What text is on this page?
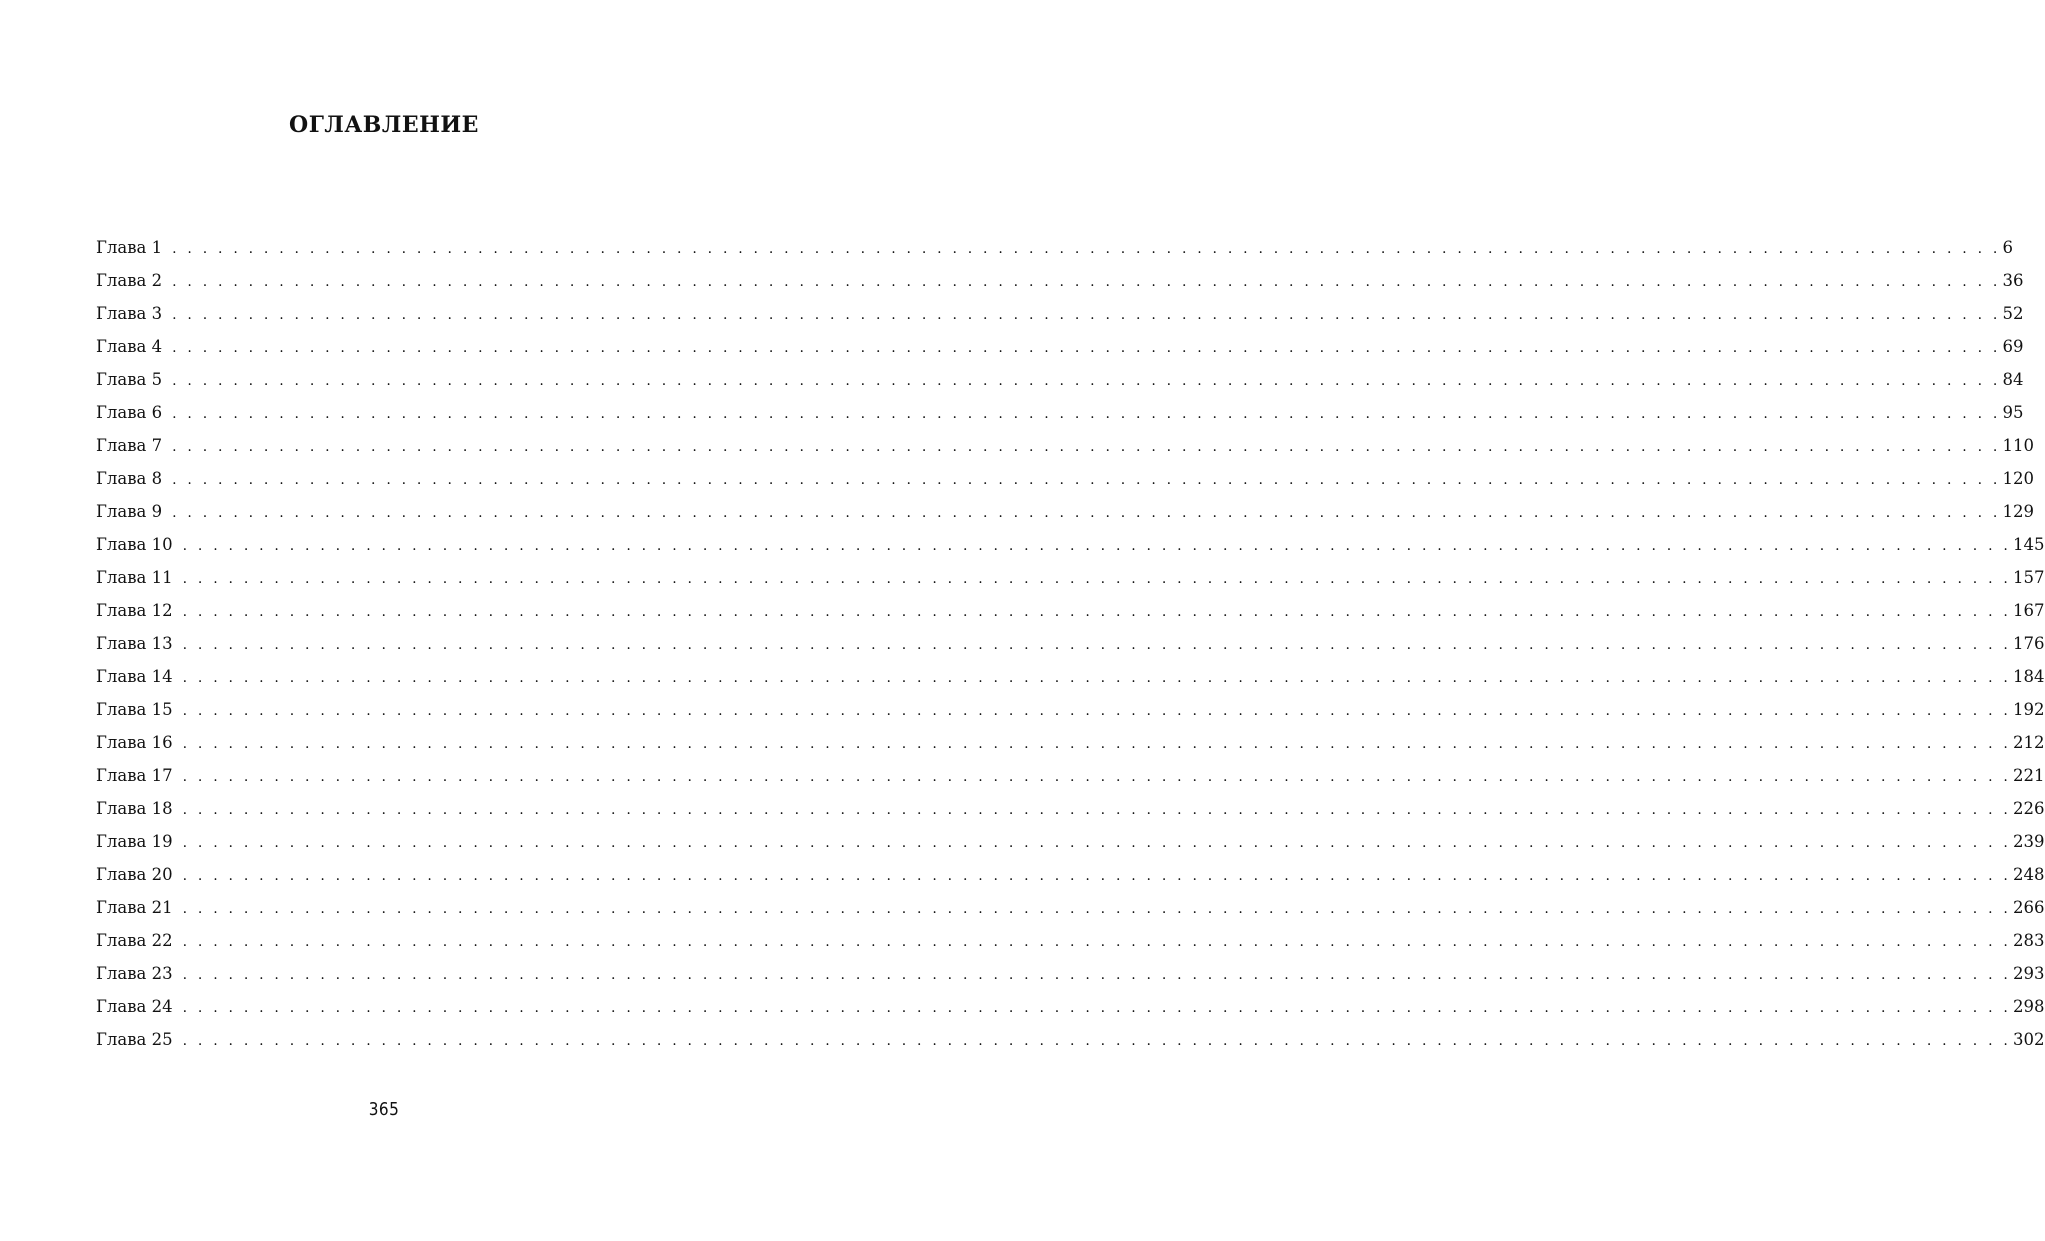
ОГЛАВЛЕНИЕ
Глава 1 . . . . . . . . . . . . . . . . . . . . . . . . . . . . . . . . . . . . . . . . . . . . . . . . . . . . . . . . . . . . . . . . . . . . . . . . . . . . . . . . . . . . . . . . . . . . . . . . . . . . . . . . . . . . . . . . . . . . . . . . 6
Глава 2 . . . . . . . . . . . . . . . . . . . . . . . . . . . . . . . . . . . . . . . . . . . . . . . . . . . . . . . . . . . . . . . . . . . . . . . . . . . . . . . . . . . . . . . . . . . . . . . . . . . . . . . . . . . . . . . . . . . . . . . . 36
Глава 3 . . . . . . . . . . . . . . . . . . . . . . . . . . . . . . . . . . . . . . . . . . . . . . . . . . . . . . . . . . . . . . . . . . . . . . . . . . . . . . . . . . . . . . . . . . . . . . . . . . . . . . . . . . . . . . . . . . . . . . . . 52
Глава 4 . . . . . . . . . . . . . . . . . . . . . . . . . . . . . . . . . . . . . . . . . . . . . . . . . . . . . . . . . . . . . . . . . . . . . . . . . . . . . . . . . . . . . . . . . . . . . . . . . . . . . . . . . . . . . . . . . . . . . . . . 69
Глава 5 . . . . . . . . . . . . . . . . . . . . . . . . . . . . . . . . . . . . . . . . . . . . . . . . . . . . . . . . . . . . . . . . . . . . . . . . . . . . . . . . . . . . . . . . . . . . . . . . . . . . . . . . . . . . . . . . . . . . . . . . 84
Глава 6 . . . . . . . . . . . . . . . . . . . . . . . . . . . . . . . . . . . . . . . . . . . . . . . . . . . . . . . . . . . . . . . . . . . . . . . . . . . . . . . . . . . . . . . . . . . . . . . . . . . . . . . . . . . . . . . . . . . . . . . . 95
Глава 7 . . . . . . . . . . . . . . . . . . . . . . . . . . . . . . . . . . . . . . . . . . . . . . . . . . . . . . . . . . . . . . . . . . . . . . . . . . . . . . . . . . . . . . . . . . . . . . . . . . . . . . . . . . . . . . . . . . . . . . . . 110
Глава 8 . . . . . . . . . . . . . . . . . . . . . . . . . . . . . . . . . . . . . . . . . . . . . . . . . . . . . . . . . . . . . . . . . . . . . . . . . . . . . . . . . . . . . . . . . . . . . . . . . . . . . . . . . . . . . . . . . . . . . . . . 120
Глава 9 . . . . . . . . . . . . . . . . . . . . . . . . . . . . . . . . . . . . . . . . . . . . . . . . . . . . . . . . . . . . . . . . . . . . . . . . . . . . . . . . . . . . . . . . . . . . . . . . . . . . . . . . . . . . . . . . . . . . . . . . 129
Глава 10 . . . . . . . . . . . . . . . . . . . . . . . . . . . . . . . . . . . . . . . . . . . . . . . . . . . . . . . . . . . . . . . . . . . . . . . . . . . . . . . . . . . . . . . . . . . . . . . . . . . . . . . . . . . . . . . . . . . . . . . . 145
Глава 11 . . . . . . . . . . . . . . . . . . . . . . . . . . . . . . . . . . . . . . . . . . . . . . . . . . . . . . . . . . . . . . . . . . . . . . . . . . . . . . . . . . . . . . . . . . . . . . . . . . . . . . . . . . . . . . . . . . . . . . . . 157
Глава 12 . . . . . . . . . . . . . . . . . . . . . . . . . . . . . . . . . . . . . . . . . . . . . . . . . . . . . . . . . . . . . . . . . . . . . . . . . . . . . . . . . . . . . . . . . . . . . . . . . . . . . . . . . . . . . . . . . . . . . . . . 167
Глава 13 . . . . . . . . . . . . . . . . . . . . . . . . . . . . . . . . . . . . . . . . . . . . . . . . . . . . . . . . . . . . . . . . . . . . . . . . . . . . . . . . . . . . . . . . . . . . . . . . . . . . . . . . . . . . . . . . . . . . . . . . 176
Глава 14 . . . . . . . . . . . . . . . . . . . . . . . . . . . . . . . . . . . . . . . . . . . . . . . . . . . . . . . . . . . . . . . . . . . . . . . . . . . . . . . . . . . . . . . . . . . . . . . . . . . . . . . . . . . . . . . . . . . . . . . . 184
Глава 15 . . . . . . . . . . . . . . . . . . . . . . . . . . . . . . . . . . . . . . . . . . . . . . . . . . . . . . . . . . . . . . . . . . . . . . . . . . . . . . . . . . . . . . . . . . . . . . . . . . . . . . . . . . . . . . . . . . . . . . . . 192
Глава 16 . . . . . . . . . . . . . . . . . . . . . . . . . . . . . . . . . . . . . . . . . . . . . . . . . . . . . . . . . . . . . . . . . . . . . . . . . . . . . . . . . . . . . . . . . . . . . . . . . . . . . . . . . . . . . . . . . . . . . . . . 212
Глава 17 . . . . . . . . . . . . . . . . . . . . . . . . . . . . . . . . . . . . . . . . . . . . . . . . . . . . . . . . . . . . . . . . . . . . . . . . . . . . . . . . . . . . . . . . . . . . . . . . . . . . . . . . . . . . . . . . . . . . . . . . 221
Глава 18 . . . . . . . . . . . . . . . . . . . . . . . . . . . . . . . . . . . . . . . . . . . . . . . . . . . . . . . . . . . . . . . . . . . . . . . . . . . . . . . . . . . . . . . . . . . . . . . . . . . . . . . . . . . . . . . . . . . . . . . . 226
Глава 19 . . . . . . . . . . . . . . . . . . . . . . . . . . . . . . . . . . . . . . . . . . . . . . . . . . . . . . . . . . . . . . . . . . . . . . . . . . . . . . . . . . . . . . . . . . . . . . . . . . . . . . . . . . . . . . . . . . . . . . . . 239
Глава 20 . . . . . . . . . . . . . . . . . . . . . . . . . . . . . . . . . . . . . . . . . . . . . . . . . . . . . . . . . . . . . . . . . . . . . . . . . . . . . . . . . . . . . . . . . . . . . . . . . . . . . . . . . . . . . . . . . . . . . . . . 248
Глава 21 . . . . . . . . . . . . . . . . . . . . . . . . . . . . . . . . . . . . . . . . . . . . . . . . . . . . . . . . . . . . . . . . . . . . . . . . . . . . . . . . . . . . . . . . . . . . . . . . . . . . . . . . . . . . . . . . . . . . . . . . 266
Глава 22 . . . . . . . . . . . . . . . . . . . . . . . . . . . . . . . . . . . . . . . . . . . . . . . . . . . . . . . . . . . . . . . . . . . . . . . . . . . . . . . . . . . . . . . . . . . . . . . . . . . . . . . . . . . . . . . . . . . . . . . . 283
Глава 23 . . . . . . . . . . . . . . . . . . . . . . . . . . . . . . . . . . . . . . . . . . . . . . . . . . . . . . . . . . . . . . . . . . . . . . . . . . . . . . . . . . . . . . . . . . . . . . . . . . . . . . . . . . . . . . . . . . . . . . . . 293
Глава 24 . . . . . . . . . . . . . . . . . . . . . . . . . . . . . . . . . . . . . . . . . . . . . . . . . . . . . . . . . . . . . . . . . . . . . . . . . . . . . . . . . . . . . . . . . . . . . . . . . . . . . . . . . . . . . . . . . . . . . . . . 298
Глава 25 . . . . . . . . . . . . . . . . . . . . . . . . . . . . . . . . . . . . . . . . . . . . . . . . . . . . . . . . . . . . . . . . . . . . . . . . . . . . . . . . . . . . . . . . . . . . . . . . . . . . . . . . . . . . . . . . . . . . . . . . 302
365
